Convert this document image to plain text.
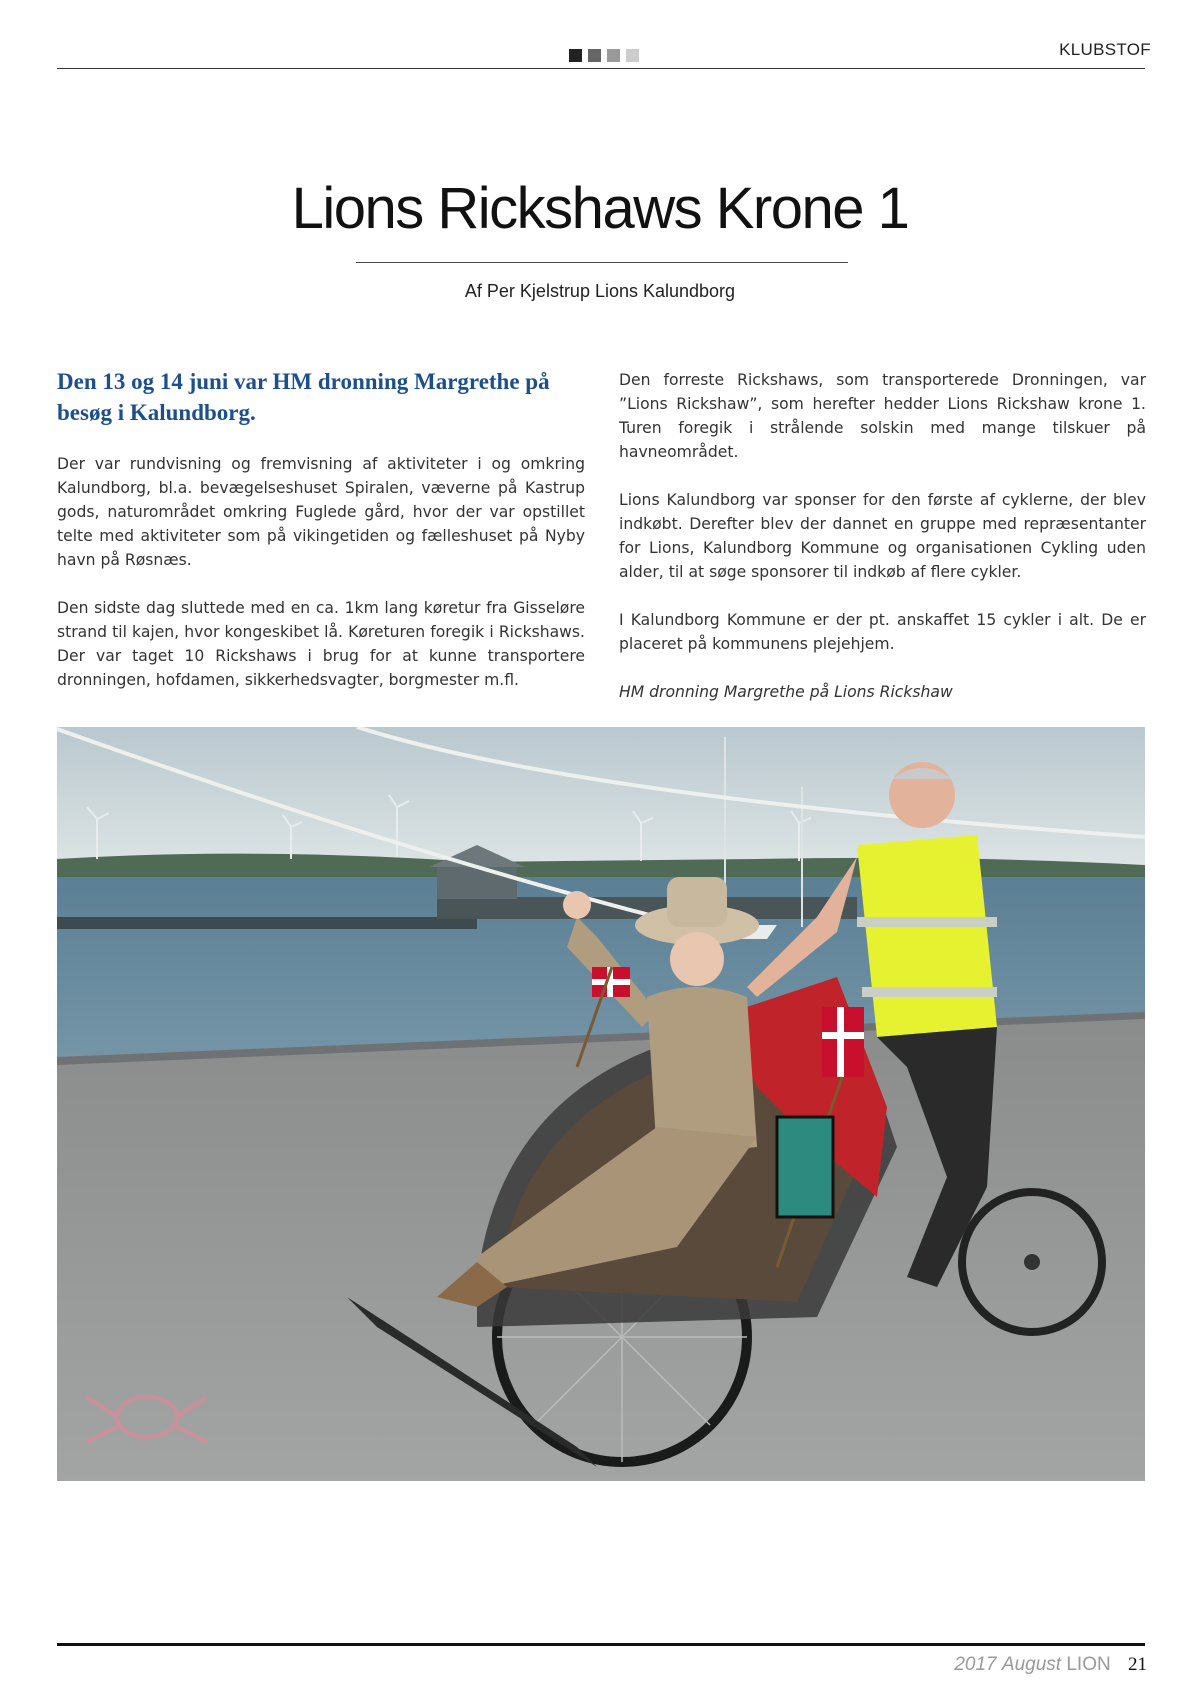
KLUBSTOF
Lions Rickshaws Krone 1
Af Per Kjelstrup Lions Kalundborg
Den 13 og 14 juni var HM dronning Margrethe på besøg i Kalundborg.

Der var rundvisning og fremvisning af aktiviteter i og omkring Kalundborg, bl.a. bevægelseshuset Spiralen, væverne på Kastrup gods, naturområdet omkring Fuglede gård, hvor der var opstillet telte med aktiviteter som på vikingetiden og fælleshuset på Nyby havn på Røsnæs.

Den sidste dag sluttede med en ca. 1km lang køretur fra Gisseløre strand til kajen, hvor kongeskibet lå. Køreturen foregik i Rickshaws. Der var taget 10 Rickshaws i brug for at kunne transportere dronningen, hofdamen, sikkerhedsvagter, borgmester m.fl.

Den forreste Rickshaws, som transporterede Dronningen, var ”Lions Rickshaw”, som herefter hedder Lions Rickshaw krone 1. Turen foregik i strålende solskin med mange tilskuer på havneområdet.

Lions Kalundborg var sponser for den første af cyklerne, der blev indkøbt. Derefter blev der dannet en gruppe med repræsentanter for Lions, Kalundborg Kommune og organisationen Cykling uden alder, til at søge sponsorer til indkøb af flere cykler.

I Kalundborg Kommune er der pt. anskaffet 15 cykler i alt. De er placeret på kommunens plejehjem.

HM dronning Margrethe på Lions Rickshaw

2017 August LION 21
